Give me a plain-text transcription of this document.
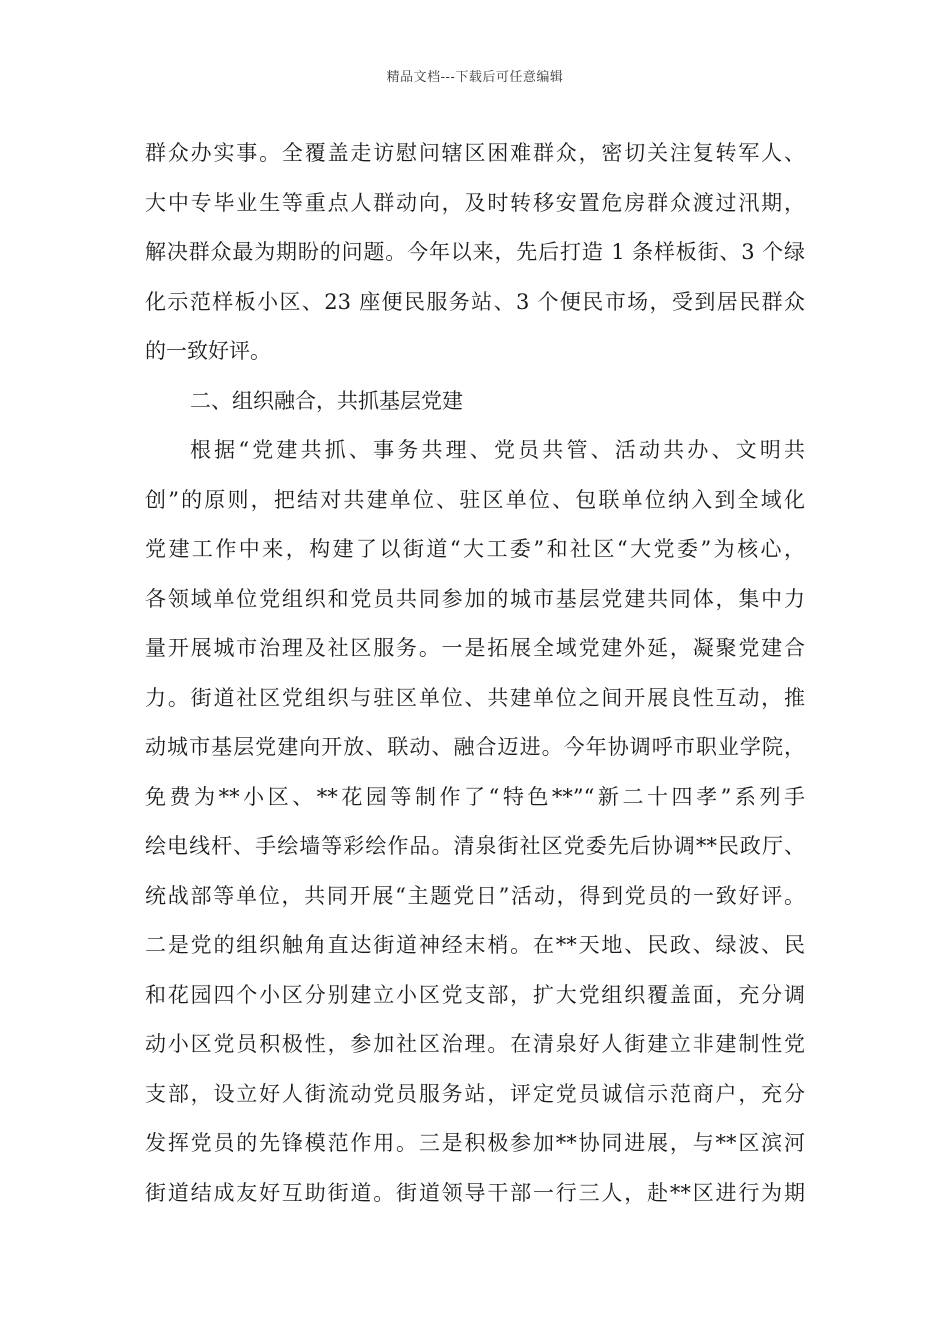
精品文档---下载后可任意编辑
群众办实事。全覆盖走访慰问辖区困难群众，密切关注复转军人、
大中专毕业生等重点人群动向，及时转移安置危房群众渡过汛期，
解决群众最为期盼的问题。今年以来，先后打造 1 条样板街、3 个绿
化示范样板小区、23 座便民服务站、3 个便民市场，受到居民群众
的一致好评。
二、组织融合，共抓基层党建
根据“党建共抓、事务共理、党员共管、活动共办、文明共
创”的原则，把结对共建单位、驻区单位、包联单位纳入到全域化
党建工作中来，构建了以街道“大工委”和社区“大党委”为核心，
各领域单位党组织和党员共同参加的城市基层党建共同体，集中力
量开展城市治理及社区服务。一是拓展全域党建外延，凝聚党建合
力。街道社区党组织与驻区单位、共建单位之间开展良性互动，推
动城市基层党建向开放、联动、融合迈进。今年协调呼市职业学院，
免费为**小区、**花园等制作了“特色**”“新二十四孝”系列手
绘电线杆、手绘墙等彩绘作品。清泉街社区党委先后协调**民政厅、
统战部等单位，共同开展“主题党日”活动，得到党员的一致好评。
二是党的组织触角直达街道神经末梢。在**天地、民政、绿波、民
和花园四个小区分别建立小区党支部，扩大党组织覆盖面，充分调
动小区党员积极性，参加社区治理。在清泉好人街建立非建制性党
支部，设立好人街流动党员服务站，评定党员诚信示范商户，充分
发挥党员的先锋模范作用。三是积极参加**协同进展，与**区滨河
街道结成友好互助街道。街道领导干部一行三人，赴**区进行为期
